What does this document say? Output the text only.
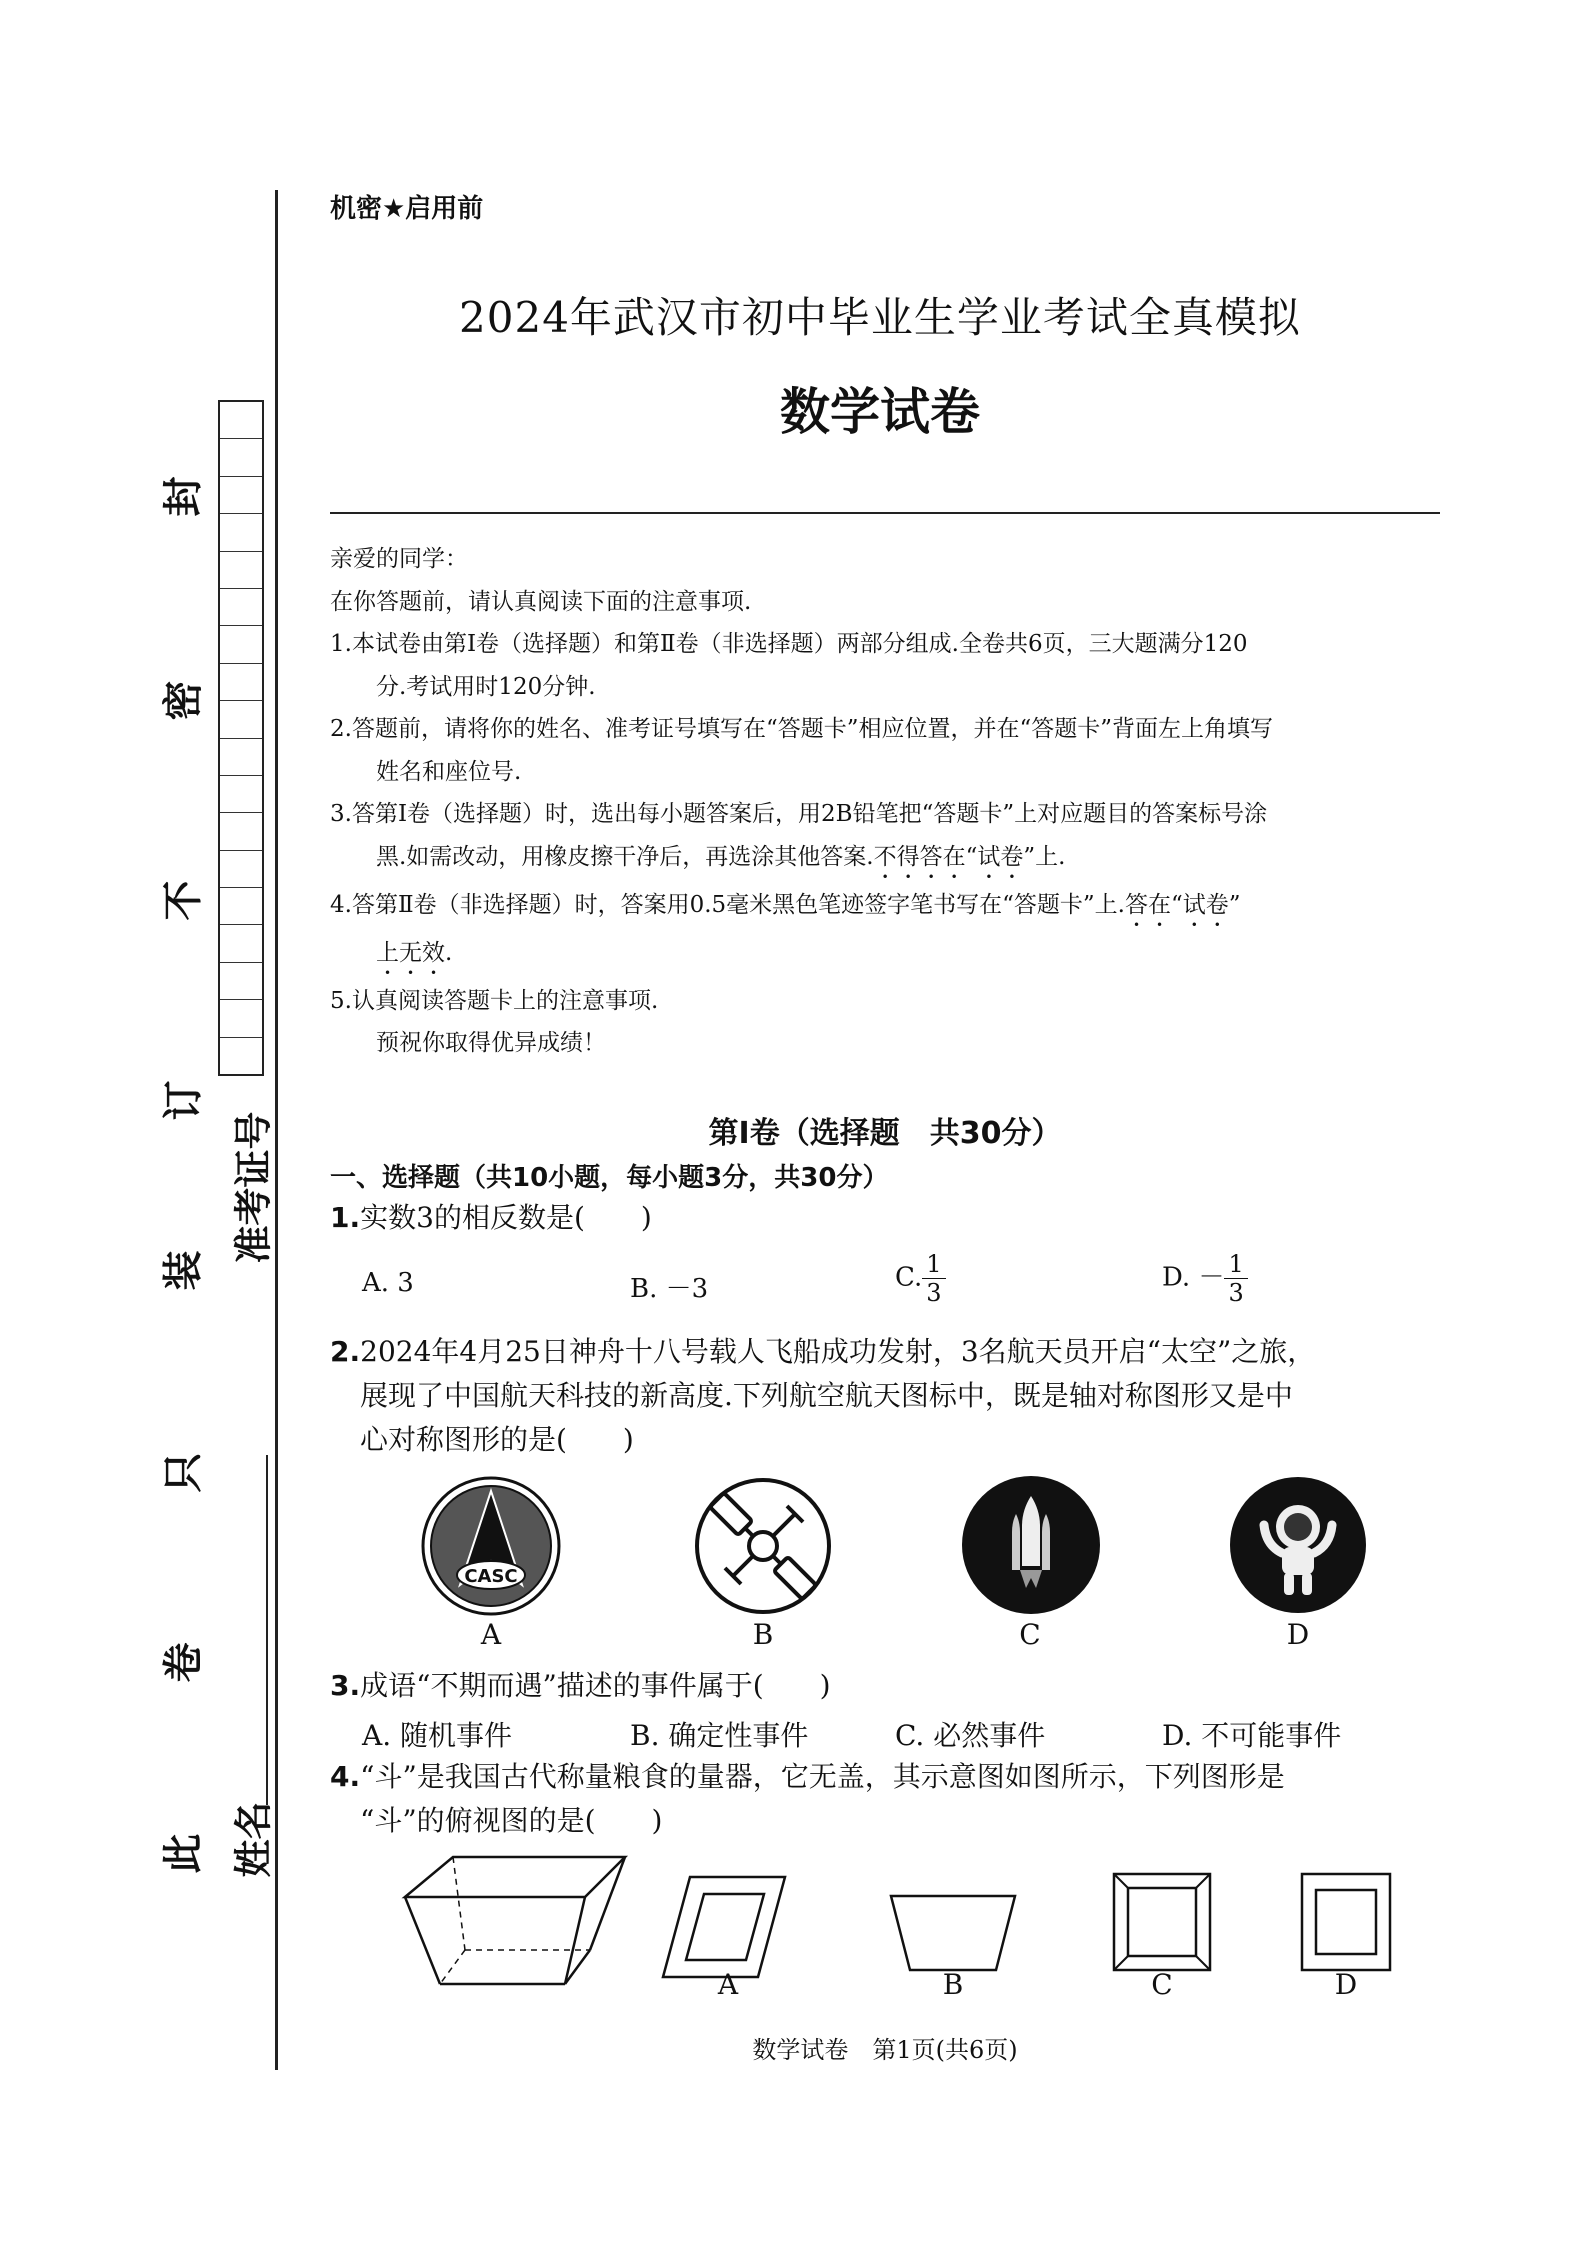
封
密
不
订
装
只
卷
此
准考证号
姓名
机密★启用前
2024年武汉市初中毕业生学业考试全真模拟
数学试卷
亲爱的同学：
在你答题前，请认真阅读下面的注意事项.
1.本试卷由第Ⅰ卷（选择题）和第Ⅱ卷（非选择题）两部分组成.全卷共6页，三大题满分120
分.考试用时120分钟.
2.答题前，请将你的姓名、准考证号填写在“答题卡”相应位置，并在“答题卡”背面左上角填写
姓名和座位号.
3.答第Ⅰ卷（选择题）时，选出每小题答案后，用2B铅笔把“答题卡”上对应题目的答案标号涂
黑.如需改动，用橡皮擦干净后，再选涂其他答案.不得答在“试卷”上.
4.答第Ⅱ卷（非选择题）时，答案用0.5毫米黑色笔迹签字笔书写在“答题卡”上.答在“试卷”
上无效.
5.认真阅读答题卡上的注意事项.
预祝你取得优异成绩！
第Ⅰ卷（选择题　共30分）
一、选择题（共10小题，每小题3分，共30分）
1.实数3的相反数是(　　)
A. 3	B. －3	C. $\frac{1}{3}$	D. － $\frac{1}{3}$
2.2024年4月25日神舟十八号载人飞船成功发射，3名航天员开启“太空”之旅，
展现了中国航天科技的新高度.下列航空航天图标中，既是轴对称图形又是中
心对称图形的是(　　)
CASC
A	B	C	D
3.成语“不期而遇”描述的事件属于(　　)
A. 随机事件	B. 确定性事件	C. 必然事件	D. 不可能事件
4.“斗”是我国古代称量粮食的量器，它无盖，其示意图如图所示，下列图形是
“斗”的俯视图的是(　　)
A	B	C	D
数学试卷　第1页(共6页)
